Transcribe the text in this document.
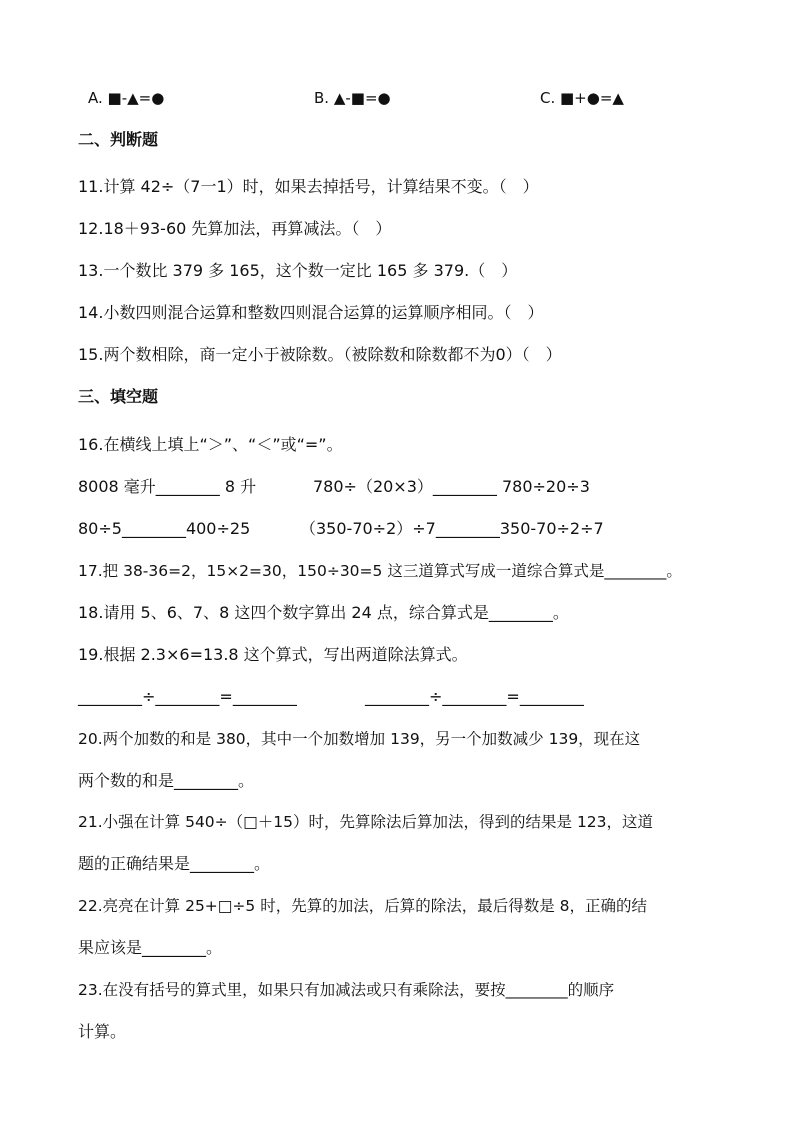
A. ■-▲=●	B. ▲-■=●	C. ■+●=▲
二、判断题
11.计算 42÷（7一1）时，如果去掉括号，计算结果不变。（　）
12.18＋93-60 先算加法，再算减法。（　）
13.一个数比 379 多 165，这个数一定比 165 多 379.（　）
14.小数四则混合运算和整数四则混合运算的运算顺序相同。（　）
15.两个数相除，商一定小于被除数。（被除数和除数都不为0）（　）
三、填空题
16.在横线上填上“＞”、“＜”或“=”。
8008 毫升________ 8 升	780÷（20×3）________ 780÷20÷3
80÷5________400÷25	（350-70÷2）÷7________350-70÷2÷7
17.把 38-36=2，15×2=30，150÷30=5 这三道算式写成一道综合算式是________。
18.请用 5、6、7、8 这四个数字算出 24 点，综合算式是________。
19.根据 2.3×6=13.8 这个算式，写出两道除法算式。
________÷________=________	________÷________=________
20.两个加数的和是 380，其中一个加数增加 139，另一个加数减少 139，现在这
两个数的和是________。
21.小强在计算 540÷（□＋15）时，先算除法后算加法，得到的结果是 123，这道
题的正确结果是________。
22.亮亮在计算 25+□÷5 时，先算的加法，后算的除法，最后得数是 8，正确的结
果应该是________。
23.在没有括号的算式里，如果只有加减法或只有乘除法，要按________的顺序
计算。
